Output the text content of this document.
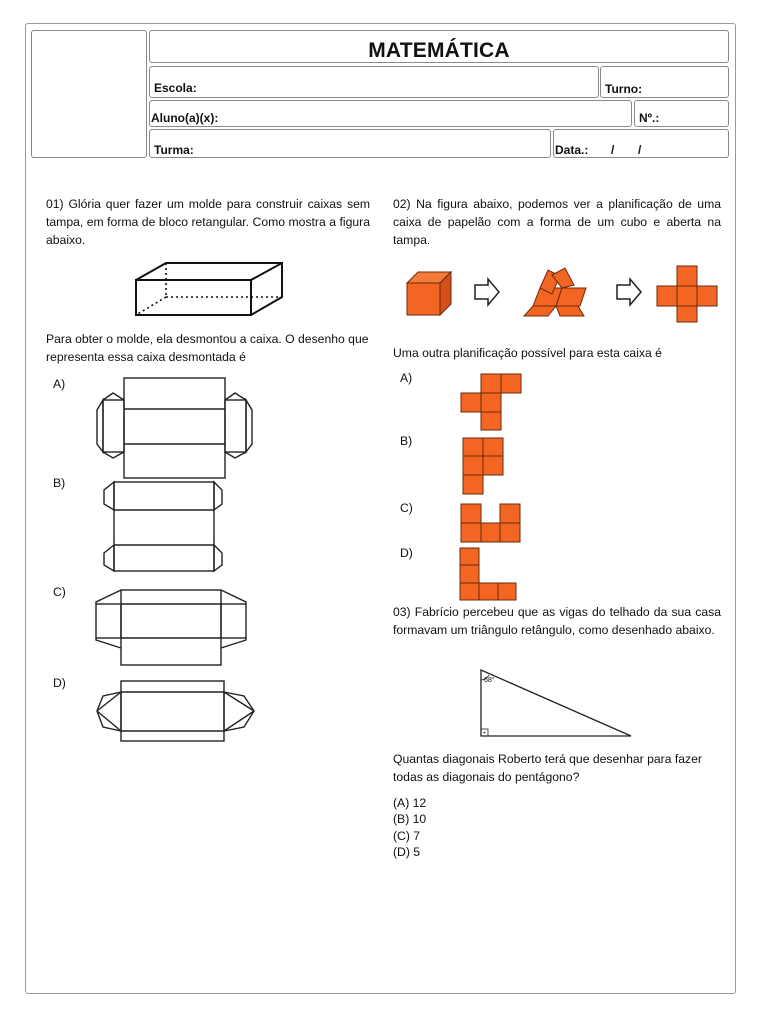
MATEMÁTICA
Escola:	Turno:
Aluno(a)(x):	Nº.:
Turma:	Data.: / /
01) Glória quer fazer um molde para construir caixas sem tampa, em forma de bloco retangular. Como mostra a figura abaixo.
Para obter o molde, ela desmontou a caixa. O desenho que representa essa caixa desmontada é
A)
B)
C)
D)
02) Na figura abaixo, podemos ver a planificação de uma caixa de papelão com a forma de um cubo e aberta na tampa.
Uma outra planificação possível para esta caixa é
A)
B)
C)
D)
03) Fabrício percebeu que as vigas do telhado da sua casa formavam um triângulo retângulo, como desenhado abaixo.
68°
Quantas diagonais Roberto terá que desenhar para fazer todas as diagonais do pentágono?
(A) 12
(B) 10
(C) 7
(D) 5
